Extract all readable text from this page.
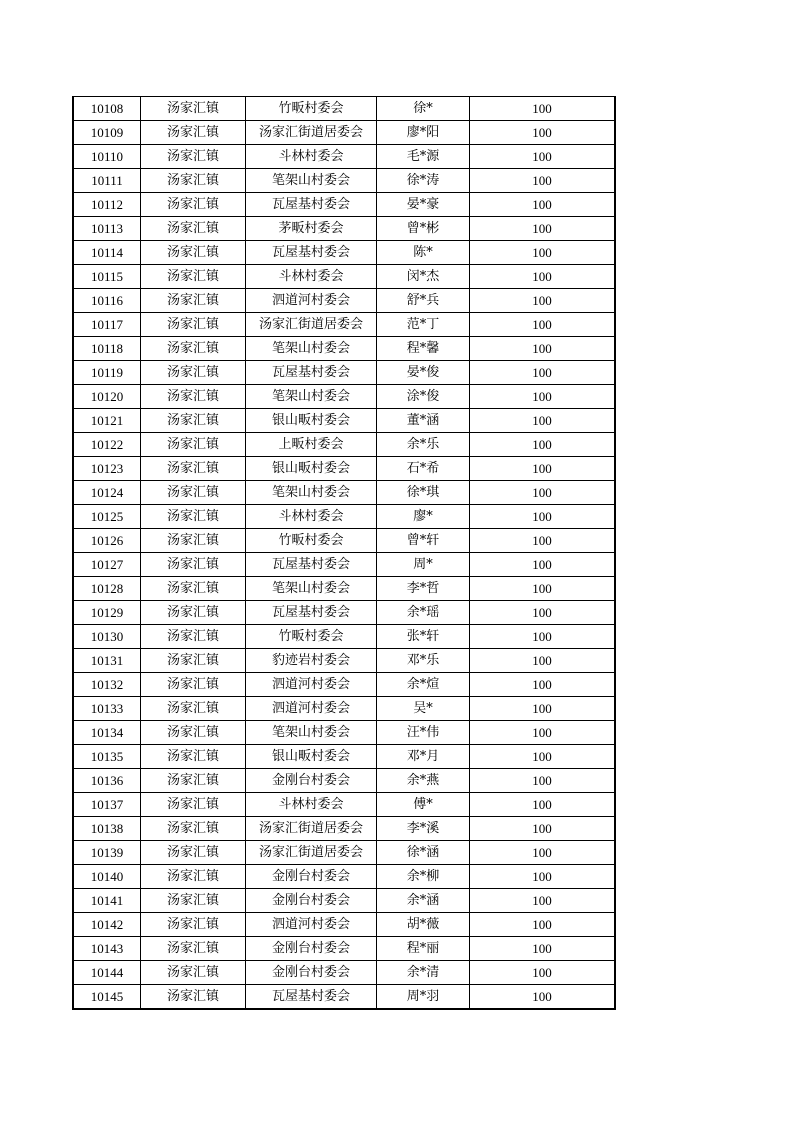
10108	汤家汇镇	竹畈村委会	徐*	100
10109	汤家汇镇	汤家汇街道居委会	廖*阳	100
10110	汤家汇镇	斗林村委会	毛*源	100
10111	汤家汇镇	笔架山村委会	徐*涛	100
10112	汤家汇镇	瓦屋基村委会	晏*豪	100
10113	汤家汇镇	茅畈村委会	曾*彬	100
10114	汤家汇镇	瓦屋基村委会	陈*	100
10115	汤家汇镇	斗林村委会	闵*杰	100
10116	汤家汇镇	泗道河村委会	舒*兵	100
10117	汤家汇镇	汤家汇街道居委会	范*丁	100
10118	汤家汇镇	笔架山村委会	程*馨	100
10119	汤家汇镇	瓦屋基村委会	晏*俊	100
10120	汤家汇镇	笔架山村委会	涂*俊	100
10121	汤家汇镇	银山畈村委会	董*涵	100
10122	汤家汇镇	上畈村委会	余*乐	100
10123	汤家汇镇	银山畈村委会	石*希	100
10124	汤家汇镇	笔架山村委会	徐*琪	100
10125	汤家汇镇	斗林村委会	廖*	100
10126	汤家汇镇	竹畈村委会	曾*轩	100
10127	汤家汇镇	瓦屋基村委会	周*	100
10128	汤家汇镇	笔架山村委会	李*哲	100
10129	汤家汇镇	瓦屋基村委会	余*瑶	100
10130	汤家汇镇	竹畈村委会	张*轩	100
10131	汤家汇镇	豹迹岩村委会	邓*乐	100
10132	汤家汇镇	泗道河村委会	余*煊	100
10133	汤家汇镇	泗道河村委会	吴*	100
10134	汤家汇镇	笔架山村委会	汪*伟	100
10135	汤家汇镇	银山畈村委会	邓*月	100
10136	汤家汇镇	金刚台村委会	余*燕	100
10137	汤家汇镇	斗林村委会	傅*	100
10138	汤家汇镇	汤家汇街道居委会	李*溪	100
10139	汤家汇镇	汤家汇街道居委会	徐*涵	100
10140	汤家汇镇	金刚台村委会	余*柳	100
10141	汤家汇镇	金刚台村委会	余*涵	100
10142	汤家汇镇	泗道河村委会	胡*薇	100
10143	汤家汇镇	金刚台村委会	程*丽	100
10144	汤家汇镇	金刚台村委会	余*清	100
10145	汤家汇镇	瓦屋基村委会	周*羽	100
